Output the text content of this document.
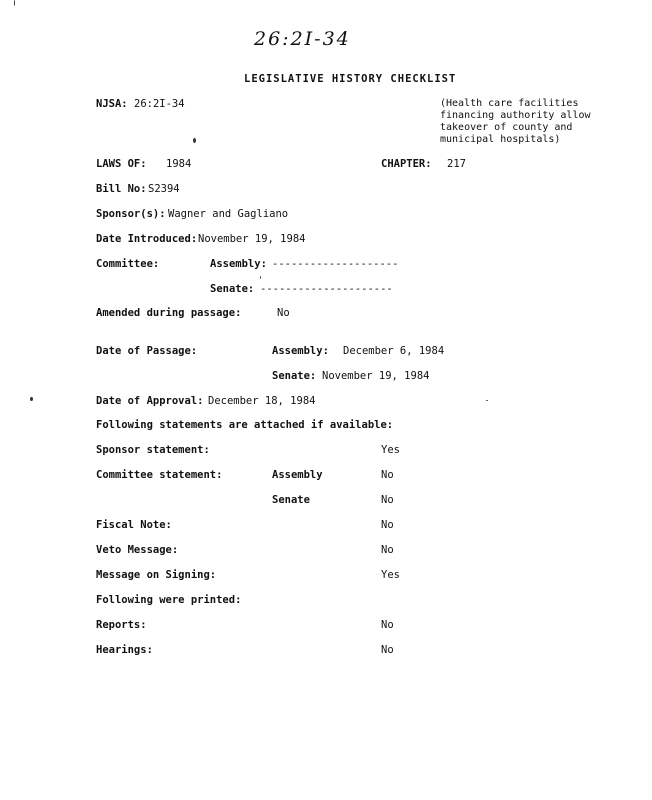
26:2I-34
LEGISLATIVE HISTORY CHECKLIST
NJSA: 26:2I-34	(Health care facilities
financing authority allow
takeover of county and
municipal hospitals)
LAWS OF: 1984	CHAPTER: 217
Bill No: S2394
Sponsor(s): Wagner and Gagliano
Date Introduced: November 19, 1984
Committee:	Assembly: --------------------
Senate: ---------------------
Amended during passage:	No
Date of Passage:	Assembly: December 6, 1984
Senate: November 19, 1984
Date of Approval: December 18, 1984
Following statements are attached if available:
Sponsor statement:	Yes
Committee statement:	Assembly	No
Senate	No
Fiscal Note:	No
Veto Message:	No
Message on Signing:	Yes
Following were printed:
Reports:	No
Hearings:	No
